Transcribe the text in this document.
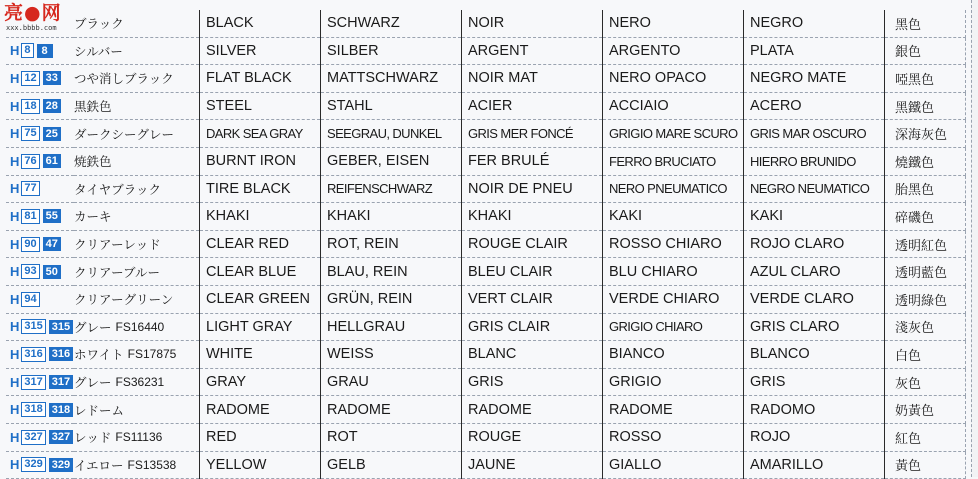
亮●网
xxx.bbbb.com

	ブラック	BLACK	SCHWARZ	NOIR	NERO	NEGRO	黑色

H 8 8	シルバー	SILVER	SILBER	ARGENT	ARGENTO	PLATA	銀色

H 12 33	つや消しブラック	FLAT BLACK	MATTSCHWARZ	NOIR MAT	NERO OPACO	NEGRO MATE	啞黑色

H 18 28	黒鉄色	STEEL	STAHL	ACIER	ACCIAIO	ACERO	黑鐵色

H 75 25	ダークシーグレー	DARK SEA GRAY	SEEGRAU, DUNKEL	GRIS MER FONCÉ	GRIGIO MARE SCURO	GRIS MAR OSCURO	深海灰色

H 76 61	焼鉄色	BURNT IRON	GEBER, EISEN	FER BRULÉ	FERRO BRUCIATO	HIERRO BRUNIDO	燒鐵色

H 77	タイヤブラック	TIRE BLACK	REIFENSCHWARZ	NOIR DE PNEU	NERO PNEUMATICO	NEGRO NEUMATICO	胎黑色

H 81 55	カーキ	KHAKI	KHAKI	KHAKI	KAKI	KAKI	碎磯色

H 90 47	クリアーレッド	CLEAR RED	ROT, REIN	ROUGE CLAIR	ROSSO CHIARO	ROJO CLARO	透明紅色

H 93 50	クリアーブルー	CLEAR BLUE	BLAU, REIN	BLEU CLAIR	BLU CHIARO	AZUL CLARO	透明藍色

H 94	クリアーグリーン	CLEAR GREEN	GRÜN, REIN	VERT CLAIR	VERDE CHIARO	VERDE CLARO	透明綠色

H 315 315	グレー FS16440	LIGHT GRAY	HELLGRAU	GRIS CLAIR	GRIGIO CHIARO	GRIS CLARO	淺灰色

H 316 316	ホワイト FS17875	WHITE	WEISS	BLANC	BIANCO	BLANCO	白色

H 317 317	グレー FS36231	GRAY	GRAU	GRIS	GRIGIO	GRIS	灰色

H 318 318	レドーム	RADOME	RADOME	RADOME	RADOME	RADOMO	奶黃色

H 327 327	レッド FS11136	RED	ROT	ROUGE	ROSSO	ROJO	紅色

H 329 329	イエロー FS13538	YELLOW	GELB	JAUNE	GIALLO	AMARILLO	黃色
